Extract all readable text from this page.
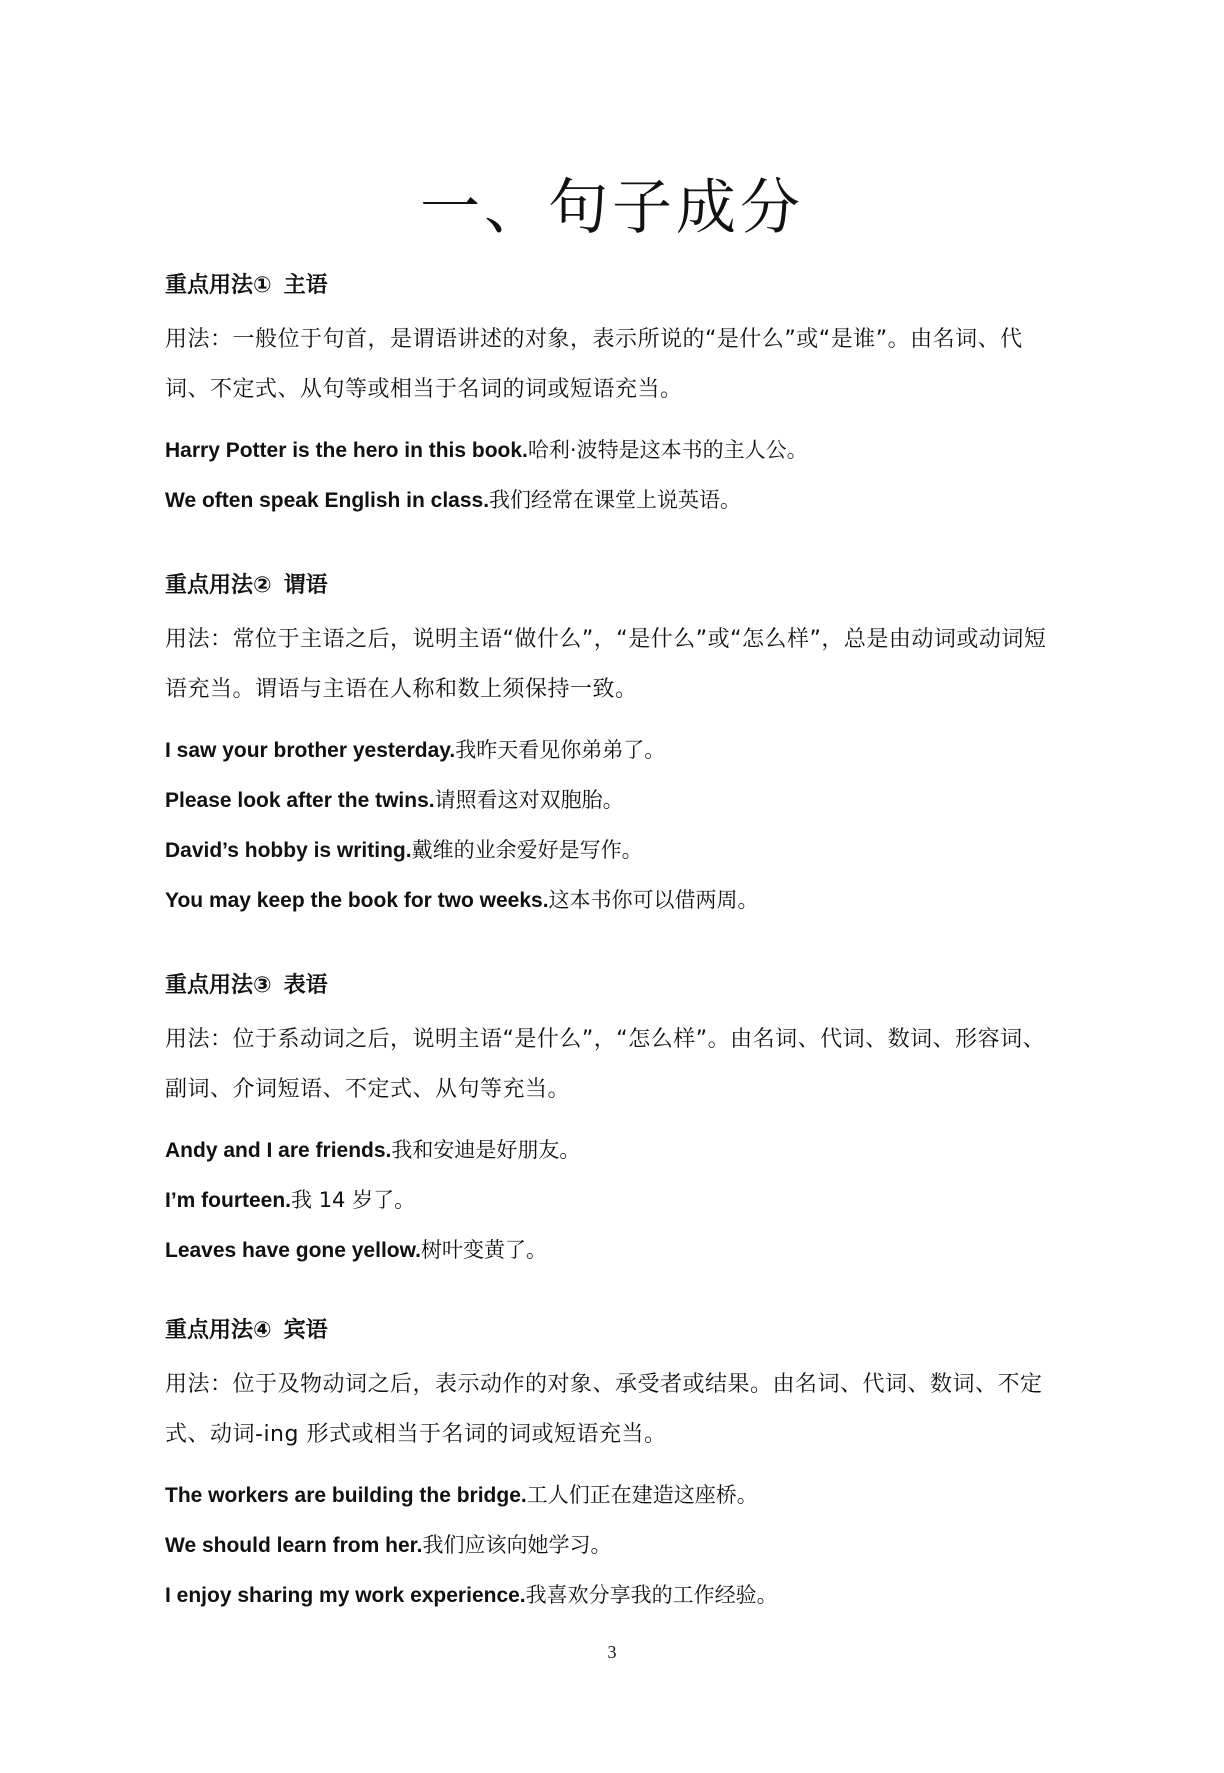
一、句子成分

重点用法① 主语

用法：一般位于句首，是谓语讲述的对象，表示所说的“是什么”或“是谁”。由名词、代词、不定式、从句等或相当于名词的词或短语充当。

Harry Potter is the hero in this book.哈利·波特是这本书的主人公。

We often speak English in class.我们经常在课堂上说英语。

重点用法② 谓语

用法：常位于主语之后，说明主语“做什么”，“是什么”或“怎么样”，总是由动词或动词短语充当。谓语与主语在人称和数上须保持一致。

I saw your brother yesterday.我昨天看见你弟弟了。

Please look after the twins.请照看这对双胞胎。

David’s hobby is writing.戴维的业余爱好是写作。

You may keep the book for two weeks.这本书你可以借两周。

重点用法③ 表语

用法：位于系动词之后，说明主语“是什么”，“怎么样”。由名词、代词、数词、形容词、副词、介词短语、不定式、从句等充当。

Andy and I are friends.我和安迪是好朋友。

I’m fourteen.我 14 岁了。

Leaves have gone yellow.树叶变黄了。

重点用法④ 宾语

用法：位于及物动词之后，表示动作的对象、承受者或结果。由名词、代词、数词、不定式、动词-ing 形式或相当于名词的词或短语充当。

The workers are building the bridge.工人们正在建造这座桥。

We should learn from her.我们应该向她学习。

I enjoy sharing my work experience.我喜欢分享我的工作经验。

3
